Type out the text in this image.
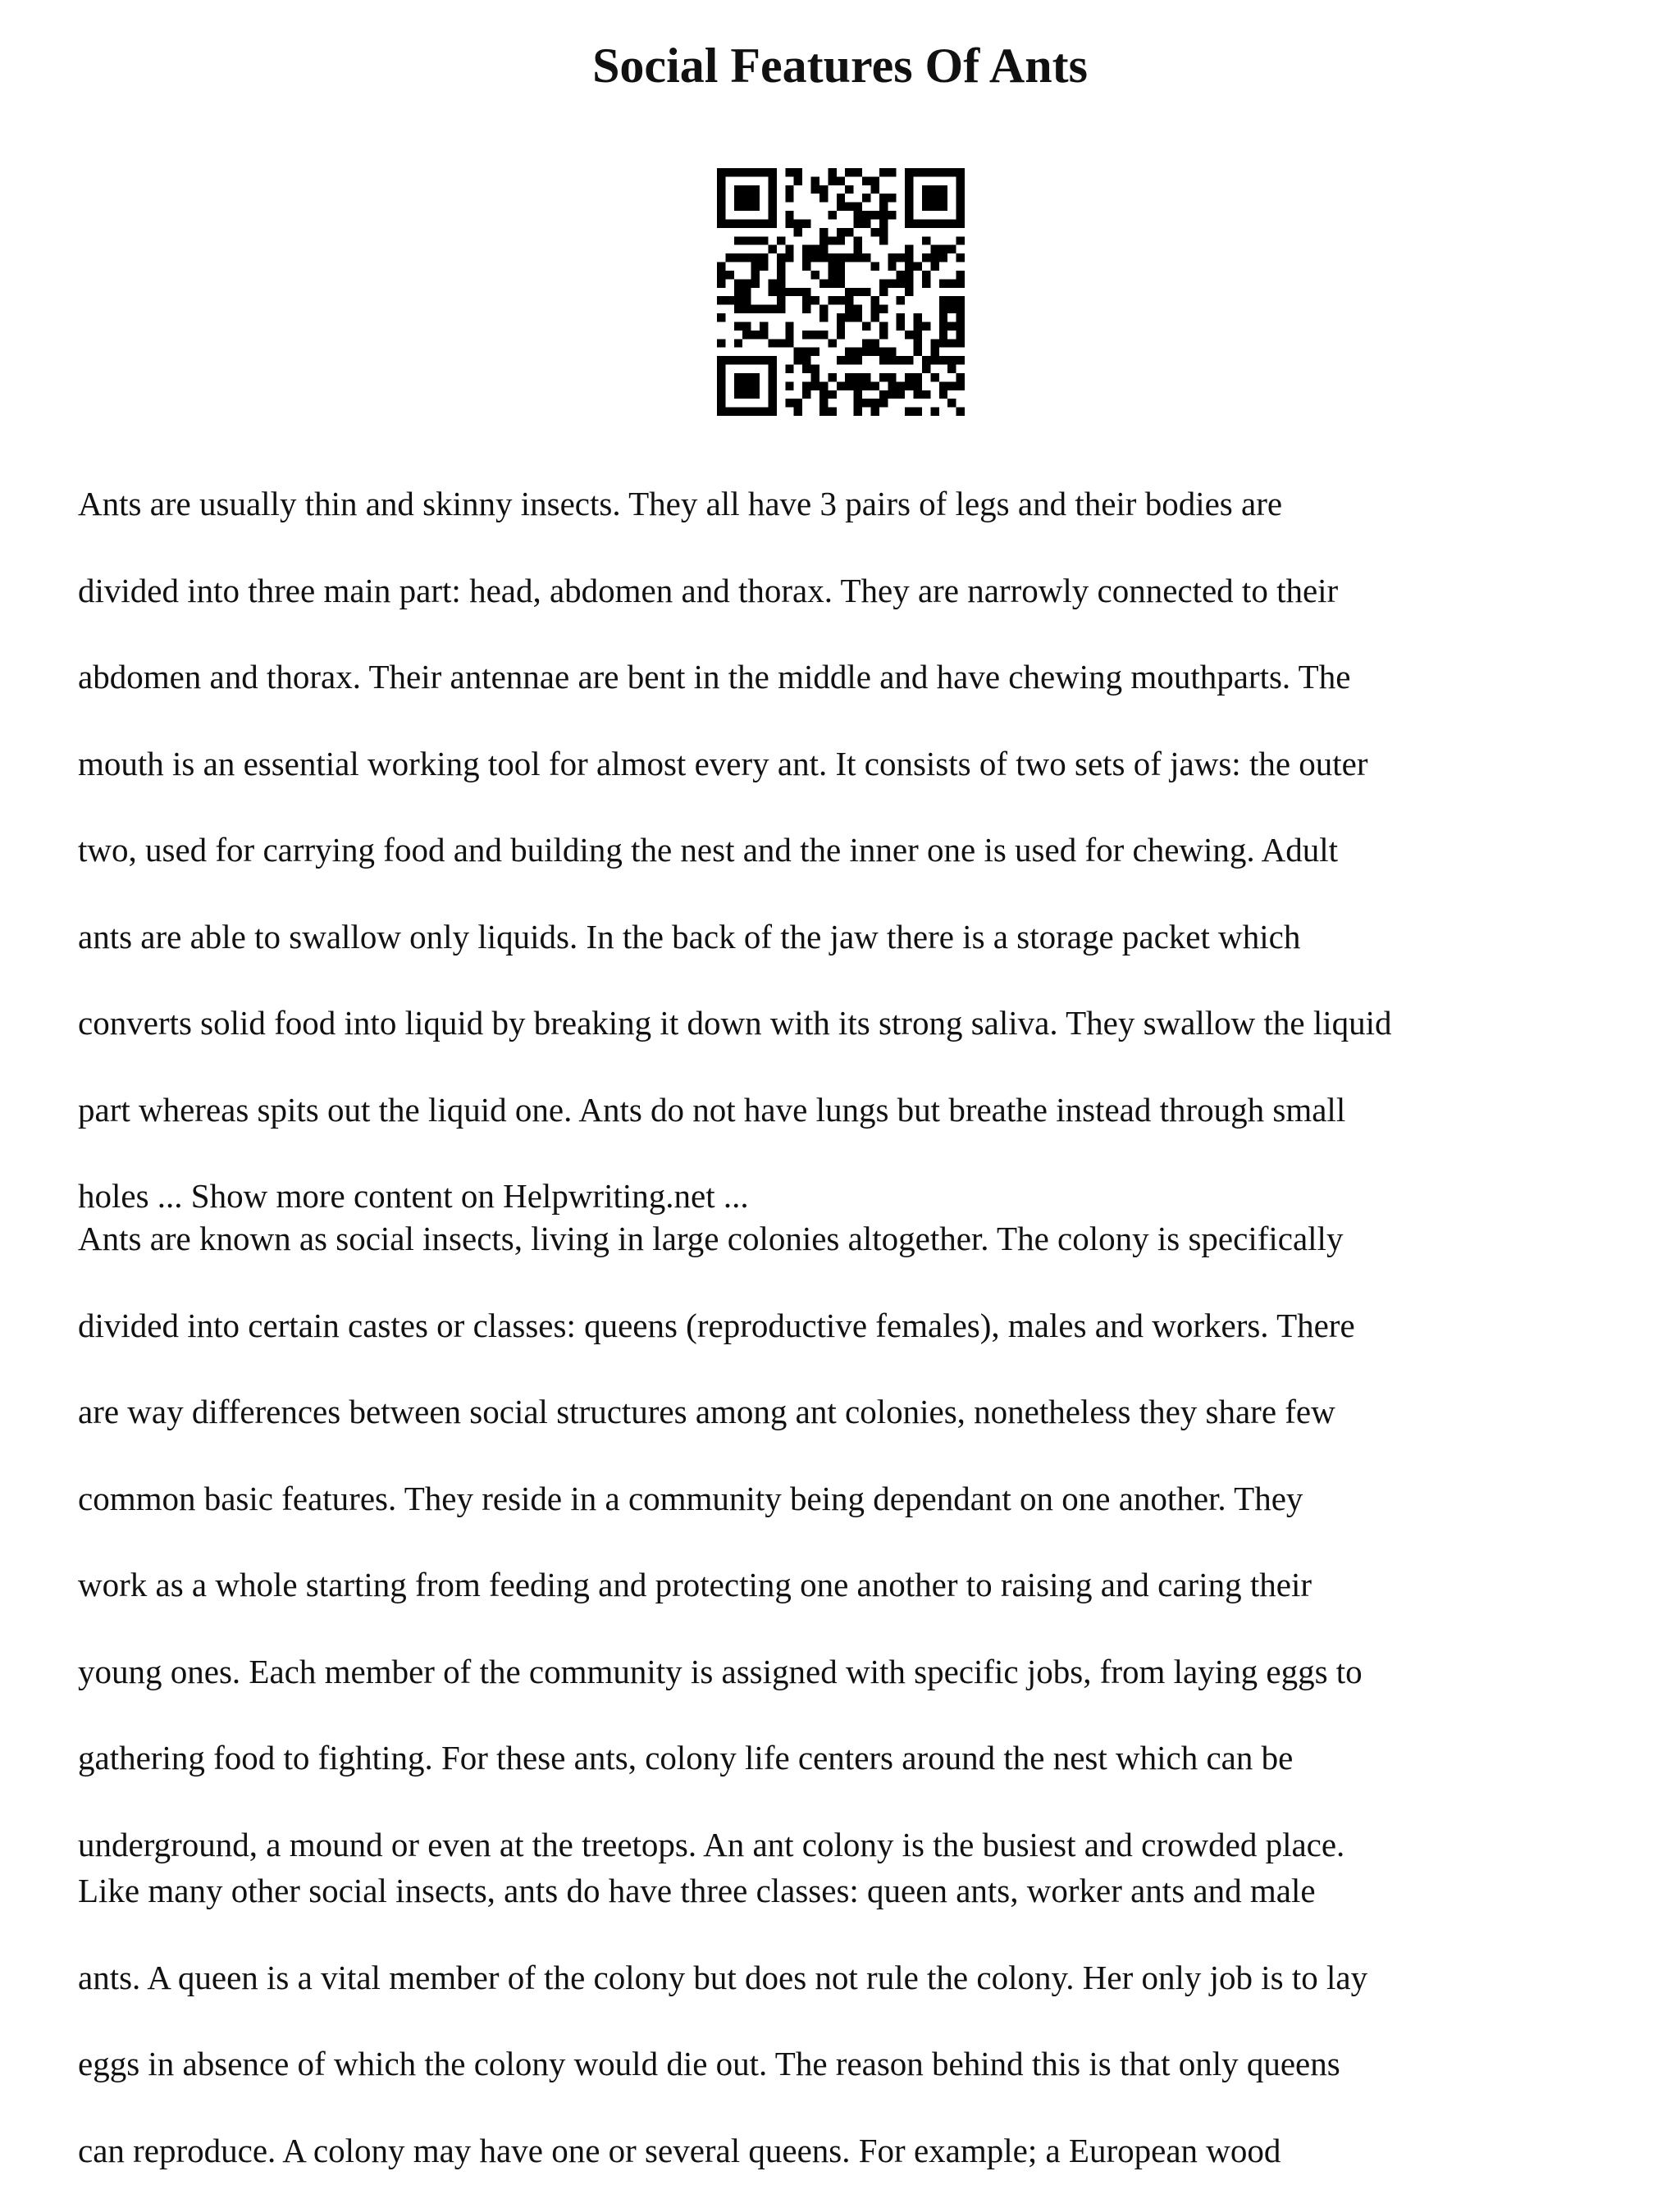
Social Features Of Ants
Ants are usually thin and skinny insects. They all have 3 pairs of legs and their bodies are
divided into three main part: head, abdomen and thorax. They are narrowly connected to their
abdomen and thorax. Their antennae are bent in the middle and have chewing mouthparts. The
mouth is an essential working tool for almost every ant. It consists of two sets of jaws: the outer
two, used for carrying food and building the nest and the inner one is used for chewing. Adult
ants are able to swallow only liquids. In the back of the jaw there is a storage packet which
converts solid food into liquid by breaking it down with its strong saliva. They swallow the liquid
part whereas spits out the liquid one. Ants do not have lungs but breathe instead through small
holes ... Show more content on Helpwriting.net ...
Ants are known as social insects, living in large colonies altogether. The colony is specifically
divided into certain castes or classes: queens (reproductive females), males and workers. There
are way differences between social structures among ant colonies, nonetheless they share few
common basic features. They reside in a community being dependant on one another. They
work as a whole starting from feeding and protecting one another to raising and caring their
young ones. Each member of the community is assigned with specific jobs, from laying eggs to
gathering food to fighting. For these ants, colony life centers around the nest which can be
underground, a mound or even at the treetops. An ant colony is the busiest and crowded place.
Like many other social insects, ants do have three classes: queen ants, worker ants and male
ants. A queen is a vital member of the colony but does not rule the colony. Her only job is to lay
eggs in absence of which the colony would die out. The reason behind this is that only queens
can reproduce. A colony may have one or several queens. For example; a European wood
